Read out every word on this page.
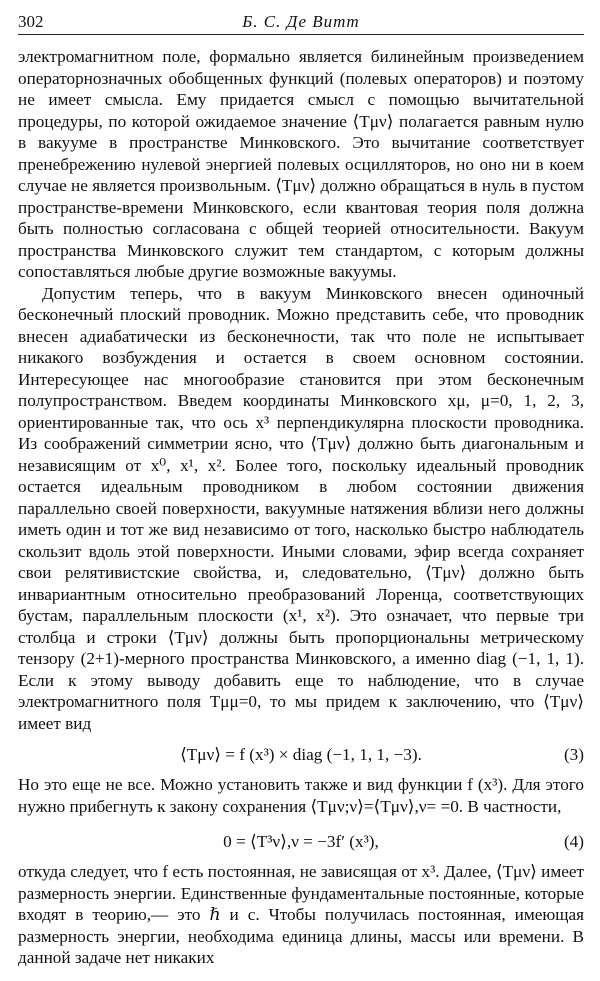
302	Б. С. Де Витт

электромагнитном поле, формально является билинейным произведением операторнозначных обобщенных функций (полевых операторов) и поэтому не имеет смысла. Ему придается смысл с помощью вычитательной процедуры, по которой ожидаемое значение ⟨Tμν⟩ полагается равным нулю в вакууме в пространстве Минковского. Это вычитание соответствует пренебрежению нулевой энергией полевых осцилляторов, но оно ни в коем случае не является произвольным. ⟨Tμν⟩ должно обращаться в нуль в пустом пространстве-времени Минковского, если квантовая теория поля должна быть полностью согласована с общей теорией относительности. Вакуум пространства Минковского служит тем стандартом, с которым должны сопоставляться любые другие возможные вакуумы.

Допустим теперь, что в вакуум Минковского внесен одиночный бесконечный плоский проводник. Можно представить себе, что проводник внесен адиабатически из бесконечности, так что поле не испытывает никакого возбуждения и остается в своем основном состоянии. Интересующее нас многообразие становится при этом бесконечным полупространством. Введем координаты Минковского xμ, μ=0, 1, 2, 3, ориентированные так, что ось x³ перпендикулярна плоскости проводника. Из соображений симметрии ясно, что ⟨Tμν⟩ должно быть диагональным и независящим от x⁰, x¹, x². Более того, поскольку идеальный проводник остается идеальным проводником в любом состоянии движения параллельно своей поверхности, вакуумные натяжения вблизи него должны иметь один и тот же вид независимо от того, насколько быстро наблюдатель скользит вдоль этой поверхности. Иными словами, эфир всегда сохраняет свои релятивистские свойства, и, следовательно, ⟨Tμν⟩ должно быть инвариантным относительно преобразований Лоренца, соответствующих бустам, параллельным плоскости (x¹, x²). Это означает, что первые три столбца и строки ⟨Tμν⟩ должны быть пропорциональны метрическому тензору (2+1)-мерного пространства Минковского, а именно diag (−1, 1, 1). Если к этому выводу добавить еще то наблюдение, что в случае электромагнитного поля Tμμ=0, то мы придем к заключению, что ⟨Tμν⟩ имеет вид

⟨Tμν⟩ = f (x³) × diag (−1, 1, 1, −3).	(3)

Но это еще не все. Можно установить также и вид функции f (x³). Для этого нужно прибегнуть к закону сохранения ⟨Tμν;ν⟩=⟨Tμν⟩,ν= =0. В частности,

0 = ⟨T³ν⟩,ν = −3f′ (x³),	(4)

откуда следует, что f есть постоянная, не зависящая от x³. Далее, ⟨Tμν⟩ имеет размерность энергии. Единственные фундаментальные постоянные, которые входят в теорию,— это ℏ и c. Чтобы получилась постоянная, имеющая размерность энергии, необходима единица длины, массы или времени. В данной задаче нет никаких
